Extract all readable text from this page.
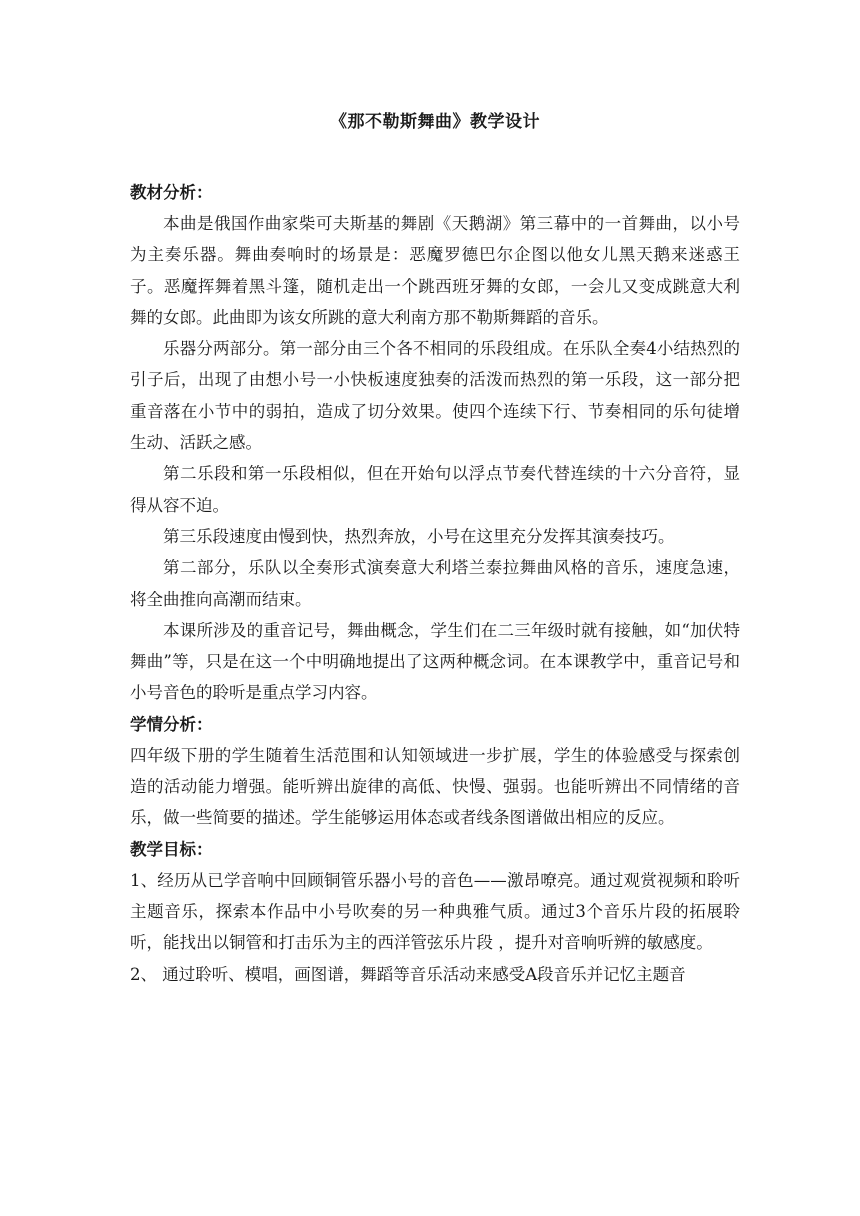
《那不勒斯舞曲》教学设计

教材分析：

本曲是俄国作曲家柴可夫斯基的舞剧《天鹅湖》第三幕中的一首舞曲，以小号为主奏乐器。舞曲奏响时的场景是：恶魔罗德巴尔企图以他女儿黑天鹅来迷惑王子。恶魔挥舞着黑斗篷，随机走出一个跳西班牙舞的女郎，一会儿又变成跳意大利舞的女郎。此曲即为该女所跳的意大利南方那不勒斯舞蹈的音乐。

乐器分两部分。第一部分由三个各不相同的乐段组成。在乐队全奏4小结热烈的引子后，出现了由想小号一小快板速度独奏的活泼而热烈的第一乐段，这一部分把重音落在小节中的弱拍，造成了切分效果。使四个连续下行、节奏相同的乐句徒增生动、活跃之感。

第二乐段和第一乐段相似，但在开始句以浮点节奏代替连续的十六分音符，显得从容不迫。

第三乐段速度由慢到快，热烈奔放，小号在这里充分发挥其演奏技巧。

第二部分，乐队以全奏形式演奏意大利塔兰泰拉舞曲风格的音乐，速度急速，将全曲推向高潮而结束。

本课所涉及的重音记号，舞曲概念，学生们在二三年级时就有接触，如“加伏特舞曲”等，只是在这一个中明确地提出了这两种概念词。在本课教学中，重音记号和小号音色的聆听是重点学习内容。

学情分析：

四年级下册的学生随着生活范围和认知领域进一步扩展，学生的体验感受与探索创造的活动能力增强。能听辨出旋律的高低、快慢、强弱。也能听辨出不同情绪的音乐，做一些简要的描述。学生能够运用体态或者线条图谱做出相应的反应。

教学目标：

1、经历从已学音响中回顾铜管乐器小号的音色——激昂嘹亮。通过观赏视频和聆听主题音乐，探索本作品中小号吹奏的另一种典雅气质。通过3个音乐片段的拓展聆听，能找出以铜管和打击乐为主的西洋管弦乐片段 ，提升对音响听辨的敏感度。

2、 通过聆听、模唱，画图谱，舞蹈等音乐活动来感受A段音乐并记忆主题音
